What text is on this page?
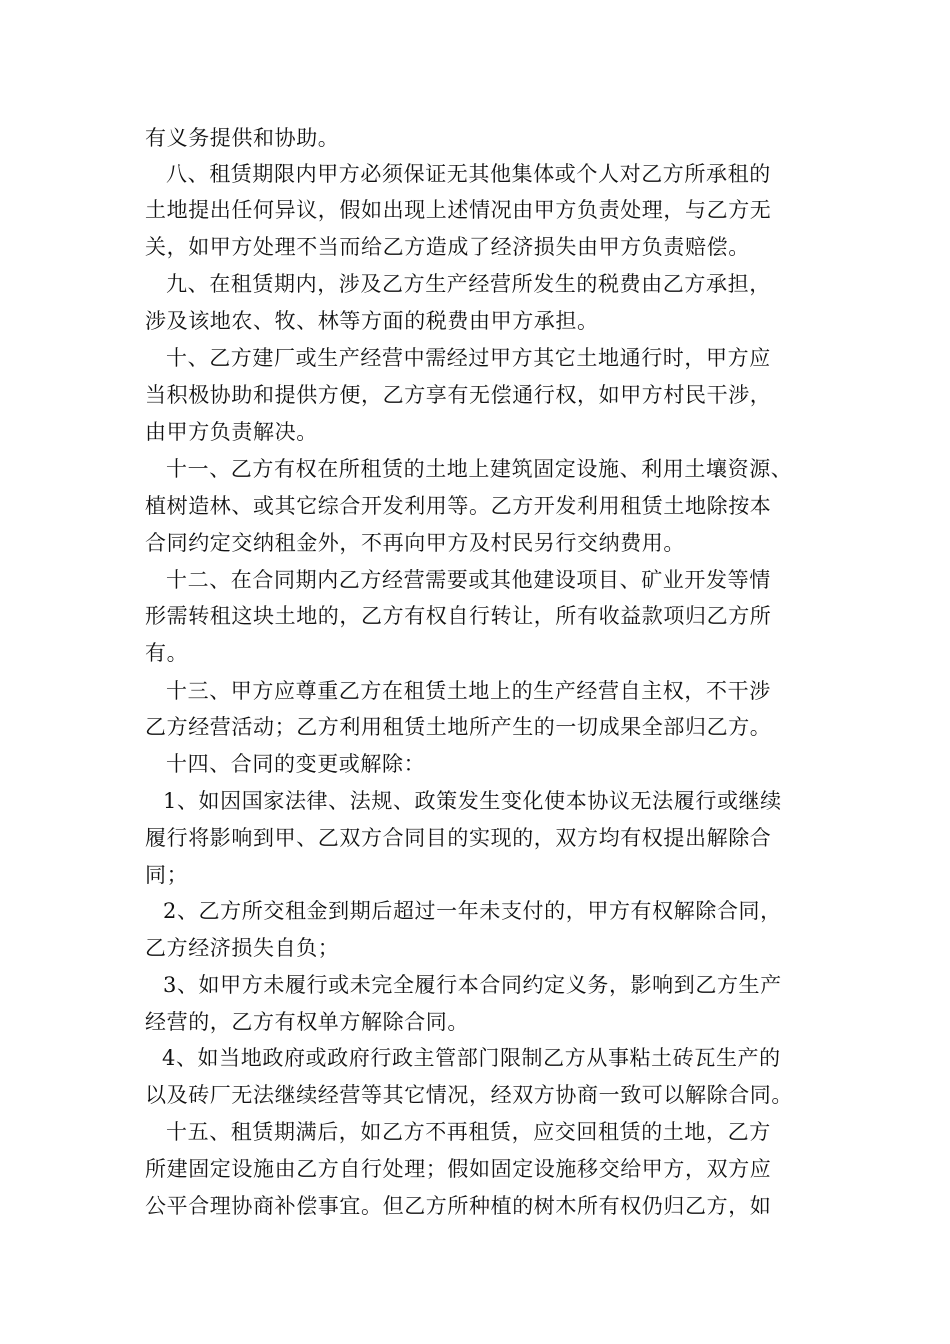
有义务提供和协助。
八、租赁期限内甲方必须保证无其他集体或个人对乙方所承租的
土地提出任何异议，假如出现上述情况由甲方负责处理，与乙方无
关，如甲方处理不当而给乙方造成了经济损失由甲方负责赔偿。
九、在租赁期内，涉及乙方生产经营所发生的税费由乙方承担，
涉及该地农、牧、林等方面的税费由甲方承担。
十、乙方建厂或生产经营中需经过甲方其它土地通行时，甲方应
当积极协助和提供方便，乙方享有无偿通行权，如甲方村民干涉，
由甲方负责解决。
十一、乙方有权在所租赁的土地上建筑固定设施、利用土壤资源、
植树造林、或其它综合开发利用等。乙方开发利用租赁土地除按本
合同约定交纳租金外，不再向甲方及村民另行交纳费用。
十二、在合同期内乙方经营需要或其他建设项目、矿业开发等情
形需转租这块土地的，乙方有权自行转让，所有收益款项归乙方所
有。
十三、甲方应尊重乙方在租赁土地上的生产经营自主权，不干涉
乙方经营活动；乙方利用租赁土地所产生的一切成果全部归乙方。
十四、合同的变更或解除：
1、如因国家法律、法规、政策发生变化使本协议无法履行或继续
履行将影响到甲、乙双方合同目的实现的，双方均有权提出解除合
同；
2、乙方所交租金到期后超过一年未支付的，甲方有权解除合同，
乙方经济损失自负；
3、如甲方未履行或未完全履行本合同约定义务，影响到乙方生产
经营的，乙方有权单方解除合同。
4、如当地政府或政府行政主管部门限制乙方从事粘土砖瓦生产的
以及砖厂无法继续经营等其它情况，经双方协商一致可以解除合同。
十五、租赁期满后，如乙方不再租赁，应交回租赁的土地，乙方
所建固定设施由乙方自行处理；假如固定设施移交给甲方，双方应
公平合理协商补偿事宜。但乙方所种植的树木所有权仍归乙方，如
